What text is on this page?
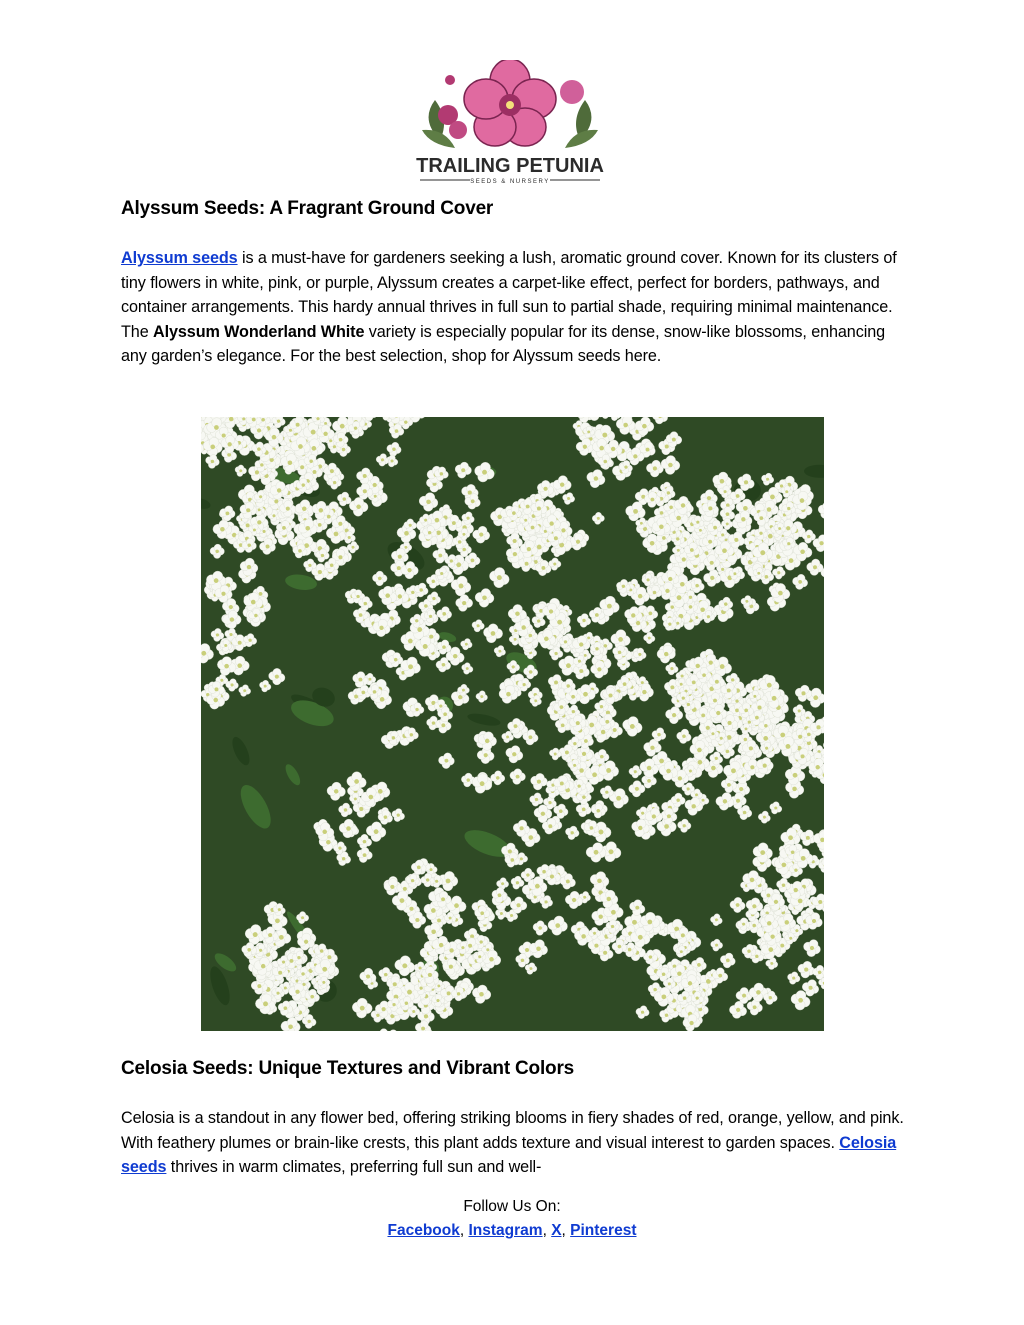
TRAILING PETUNIA
SEEDS & NURSERY
Alyssum Seeds: A Fragrant Ground Cover

Alyssum seeds is a must-have for gardeners seeking a lush, aromatic ground cover. Known for its clusters of tiny flowers in white, pink, or purple, Alyssum creates a carpet-like effect, perfect for borders, pathways, and container arrangements. This hardy annual thrives in full sun to partial shade, requiring minimal maintenance. The Alyssum Wonderland White variety is especially popular for its dense, snow-like blossoms, enhancing any garden’s elegance. For the best selection, shop for Alyssum seeds here.

Celosia Seeds: Unique Textures and Vibrant Colors

Celosia is a standout in any flower bed, offering striking blooms in fiery shades of red, orange, yellow, and pink. With feathery plumes or brain-like crests, this plant adds texture and visual interest to garden spaces. Celosia seeds thrives in warm climates, preferring full sun and well-

Follow Us On:
Facebook, Instagram, X, Pinterest
